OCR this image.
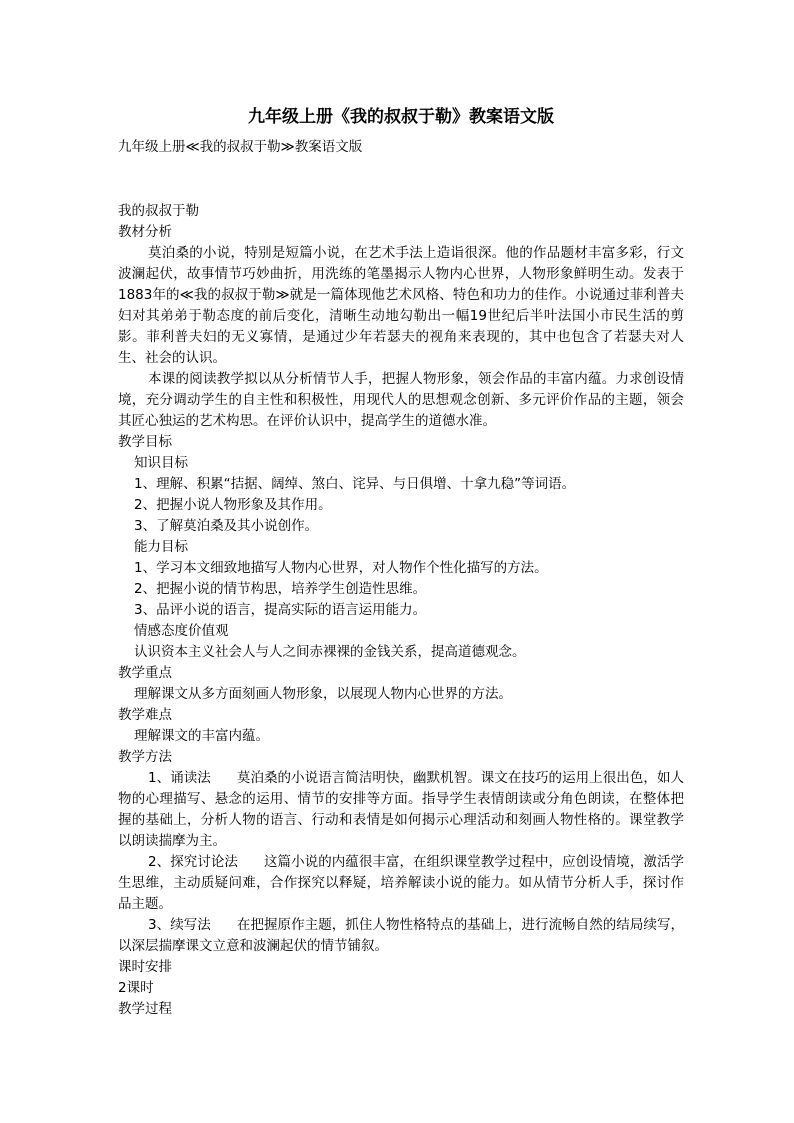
九年级上册《我的叔叔于勒》教案语文版
九年级上册≪我的叔叔于勒≫教案语文版

我的叔叔于勒

教材分析

莫泊桑的小说，特别是短篇小说，在艺术手法上造诣很深。他的作品题材丰富多彩，行文波澜起伏，故事情节巧妙曲折，用洗练的笔墨揭示人物内心世界，人物形象鲜明生动。发表于1883年的≪我的叔叔于勒≫就是一篇体现他艺术风格、特色和功力的佳作。小说通过菲利普夫妇对其弟弟于勒态度的前后变化，清晰生动地勾勒出一幅19世纪后半叶法国小市民生活的剪影。菲利普夫妇的无义寡情，是通过少年若瑟夫的视角来表现的，其中也包含了若瑟夫对人生、社会的认识。

本课的阅读教学拟以从分析情节人手，把握人物形象，领会作品的丰富内蕴。力求创设情境，充分调动学生的自主性和积极性，用现代人的思想观念创新、多元评价作品的主题，领会其匠心独运的艺术构思。在评价认识中，提高学生的道德水准。

教学目标

知识目标

1、理解、积累“拮据、阔绰、煞白、诧异、与日俱增、十拿九稳”等词语。

2、把握小说人物形象及其作用。

3、了解莫泊桑及其小说创作。

能力目标

1、学习本文细致地描写人物内心世界，对人物作个性化描写的方法。

2、把握小说的情节构思，培养学生创造性思维。

3、品评小说的语言，提高实际的语言运用能力。

情感态度价值观

认识资本主义社会人与人之间赤裸裸的金钱关系，提高道德观念。

教学重点

理解课文从多方面刻画人物形象，以展现人物内心世界的方法。

教学难点

理解课文的丰富内蕴。

教学方法

1、诵读法 莫泊桑的小说语言简洁明快，幽默机智。课文在技巧的运用上很出色，如人物的心理描写、悬念的运用、情节的安排等方面。指导学生表情朗读或分角色朗读，在整体把握的基础上，分析人物的语言、行动和表情是如何揭示心理活动和刻画人物性格的。课堂教学以朗读揣摩为主。

2、探究讨论法 这篇小说的内蕴很丰富，在组织课堂教学过程中，应创设情境，激活学生思维，主动质疑问难，合作探究以释疑，培养解读小说的能力。如从情节分析人手，探讨作品主题。

3、续写法 在把握原作主题，抓住人物性格特点的基础上，进行流畅自然的结局续写，以深层揣摩课文立意和波澜起伏的情节铺叙。

课时安排

2课时

教学过程
